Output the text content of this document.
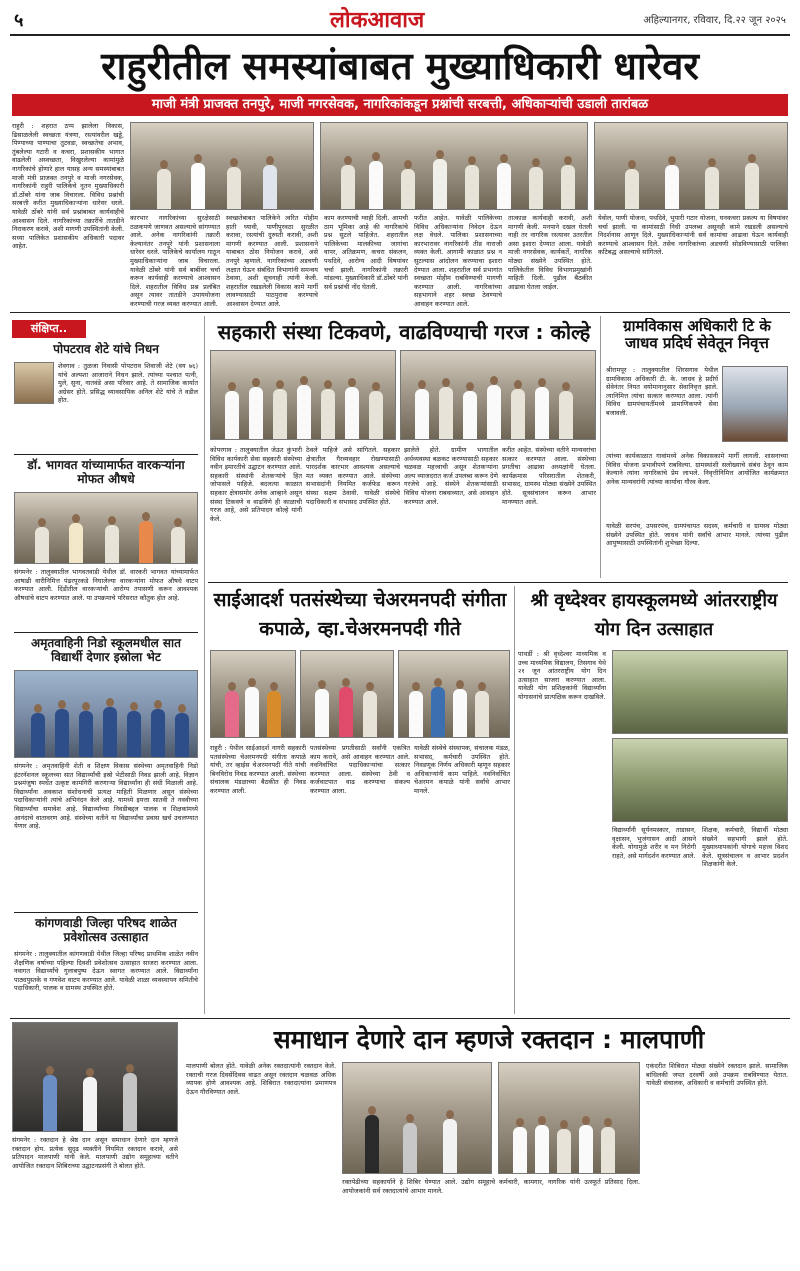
५	लोकआवाज	अहिल्यानगर, रविवार, दि.२२ जून २०२५
राहुरीतील समस्यांबाबत मुख्याधिकारी धारेवर
माजी मंत्री प्राजक्त तनपुरे, माजी नगरसेवक, नागरिकांकडून प्रश्नांची सरबत्ती, अधिकाऱ्यांची उडाली तारांबळ
राहुरी : शहरात ठप्प झालेला विकास, ढिसाळलेली स्वच्छता यंत्रणा, रस्त्यांवरील खड्डे, पिण्याच्या पाण्याचा तुटवडा, स्वच्छतेचा अभाव, तुंबलेल्या गटारी व कचरा, प्रशासकीय भागात वाढलेली अस्वच्छता, विखुरलेल्या कामांमुळे नागरिकांचे होणारे हाल यासह अन्य समस्यांबाबत माजी मंत्री प्राजक्त तनपुरे व माजी नगरसेवक, नागरिकांनी राहुरी पालिकेचे नूतन मुख्याधिकारी डॉ.ठोंबरे यांना जाब विचारला. विविध प्रश्नांची सरबत्ती करीत मुख्याधिकाऱ्यांना धारेवर धरले. यावेळी ठोंबरे यांनी सर्व प्रश्नांबाबत कार्यवाहीचे आश्वासन दिले. नागरिकांच्या तक्रारींचे तातडीने निराकरण करावे, अशी मागणी उपस्थितांनी केली. सध्या पालिकेत प्रशासकीय अधिकारी पदावर आहेत.
कारभार नागरिकांच्या सुरक्षेसाठी ठळकपणे जाणवत असल्याचे सांगण्यात आले. अनेक नागरिकांनी तक्रारी केल्यानंतर तनपुरे यांनी प्रशासनाला धारेवर धरले. पालिकेचे कार्यालय गाठून मुख्याधिकाऱ्यांना जाब विचारला. यावेळी ठोंबरे यांनी सर्व बाबींवर चर्चा करून कार्यवाही करण्याचे आश्वासन दिले. शहरातील विविध प्रश्न प्रलंबित असून त्यावर तातडीने उपाययोजना करण्याची गरज व्यक्त करण्यात आली.
स्वच्छतेबाबत पालिकेने त्वरित मोहीम हाती घ्यावी, पाणीपुरवठा सुरळीत करावा, रस्त्यांची दुरुस्ती करावी, अशी मागणी करण्यात आली. प्रशासनाने याबाबत ठोस नियोजन करावे, असे तनपुरे म्हणाले. नागरिकांच्या अडचणी लक्षात घेऊन संबंधित विभागांनी समन्वय ठेवावा, अशी सूचनाही त्यांनी केली. शहरातील रखडलेली विकास कामे मार्गी लावण्यासाठी पाठपुरावा करण्याचे आश्वासन देण्यात आले.
काम करण्याची ग्वाही दिली. आमची ठाम भूमिका आहे की नागरिकांचे प्रश्न सुटले पाहिजेत. शहरातील पालिकेच्या मालकीच्या जागांचा वापर, अतिक्रमण, कचरा संकलन, पथदिवे, आरोग्य आदी विषयांवर चर्चा झाली. नागरिकांनी तक्रारी मांडल्या. मुख्याधिकारी डॉ.ठोंबरे यांनी सर्व प्रश्नांची नोंद घेतली.
फरीत आहेत. यावेळी पालिकेच्या विविध अधिकाऱ्यांना निवेदन देऊन लक्ष वेधले. पालिका प्रशासनाच्या कारभारावर नागरिकांनी तीव्र नाराजी व्यक्त केली. आगामी काळात प्रश्न न सुटल्यास आंदोलन करण्याचा इशारा देण्यात आला. शहरातील सर्व प्रभागांत स्वच्छता मोहीम राबविण्याची मागणी करण्यात आली. नागरिकांच्या सहभागाने शहर स्वच्छ ठेवण्याचे आवाहन करण्यात आले.
तात्काळ कार्यवाही करावी, अशी मागणी केली. मनपाने दखल घेतली नाही तर नागरिक रस्त्यावर उतरतील असा इशारा देण्यात आला. यावेळी माजी नगरसेवक, कार्यकर्ते, नागरिक मोठ्या संख्येने उपस्थित होते. पालिकेतील विविध विभागप्रमुखांनी माहिती दिली. पुढील बैठकीत आढावा घेतला जाईल.
येवोल, पाणी योजना, पथदिवे, भुयारी गटार योजना, घनकचरा प्रकल्प या विषयांवर चर्चा झाली. या कामांसाठी निधी उपलब्ध असूनही कामे रखडली असल्याचे निदर्शनास आणून दिले. मुख्याधिकाऱ्यांनी सर्व कामांचा आढावा घेऊन कार्यवाही करण्याचे आश्वासन दिले. तसेच नागरिकांच्या अडचणी सोडविण्यासाठी पालिका कटिबद्ध असल्याचे सांगितले.
संक्षिप्त..
पोपटराव शेटे यांचे निधन
शेवगाव : तुळजा निवासी पोपटराव शिवाजी शेटे (वय ७६) यांचे अल्पशा आजाराने निधन झाले. त्यांच्या पश्चात पत्नी, मुले, सुना, नातवंडे असा परिवार आहे. ते सामाजिक कार्यात अग्रेसर होते. प्रसिद्ध व्यावसायिक अनिल शेटे यांचे ते वडील होत.
डॉ. भागवत यांच्यामार्फत वारकऱ्यांना मोफत औषधे
संगमनेर : तालुक्यातील भागवतवाडी येथील डॉ. वारकरी भागवत यांच्यामार्फत आषाढी वारीनिमित्त पंढरपूरकडे निघालेल्या वारकऱ्यांना मोफत औषधे वाटप करण्यात आली. दिंडीतील वारकऱ्यांची आरोग्य तपासणी करून आवश्यक औषधांचे वाटप करण्यात आले. या उपक्रमाचे परिसरात कौतुक होत आहे.
अमृतवाहिनी निडो स्कूलमधील सात विद्यार्थी देणार इस्रोला भेट
संगमनेर : अमृतवाहिनी शेती व शिक्षण विकास संस्थेच्या अमृतवाहिनी निडो इंटरनॅशनल स्कूलच्या सात विद्यार्थ्यांची इस्रो भेटीसाठी निवड झाली आहे. विज्ञान प्रश्नमंजुषा स्पर्धेत उत्कृष्ट कामगिरी करणाऱ्या विद्यार्थ्यांना ही संधी मिळाली आहे. विद्यार्थ्यांना अवकाश संशोधनाची प्रत्यक्ष माहिती मिळणार असून संस्थेच्या पदाधिकाऱ्यांनी त्यांचे अभिनंदन केले आहे. यामध्ये इयत्ता सातवी ते नववीच्या विद्यार्थ्यांचा समावेश आहे. विद्यार्थ्यांच्या निवडीबद्दल पालक व शिक्षकांमध्ये आनंदाचे वातावरण आहे. संस्थेच्या वतीने या विद्यार्थ्यांचा प्रवास खर्च उचलण्यात येणार आहे.
कांगणवाडी जिल्हा परिषद शाळेत प्रवेशोत्सव उत्साहात
संगमनेर : तालुक्यातील कांगणवाडी येथील जिल्हा परिषद प्राथमिक शाळेत नवीन शैक्षणिक वर्षाच्या पहिल्या दिवशी प्रवेशोत्सव उत्साहात साजरा करण्यात आला. नवागत विद्यार्थ्यांचे गुलाबपुष्प देऊन स्वागत करण्यात आले. विद्यार्थ्यांना पाठ्यपुस्तके व गणवेश वाटप करण्यात आले. यावेळी शाळा व्यवस्थापन समितीचे पदाधिकारी, पालक व ग्रामस्थ उपस्थित होते.
सहकारी संस्था टिकवणे, वाढविण्याची गरज : कोल्हे
कोपरगाव : तालुक्यातील जेऊर कुंभारी विविध कार्यकारी सेवा सहकारी संस्थेच्या नवीन इमारतीचे उद्घाटन करण्यात आले. सहकारी संस्थांनी शेतकऱ्यांचे हित जोपासले पाहिजे. बदलत्या काळात सहकार क्षेत्रासमोर अनेक आव्हाने असून संस्था टिकवणे व वाढविणे ही काळाची गरज आहे, असे प्रतिपादन कोल्हे यांनी केले.
ठेवले पाहिजे असे सांगितले. सहकार क्षेत्रातील गैरव्यवहार रोखण्यासाठी पारदर्शक कारभार आवश्यक असल्याचे मत व्यक्त करण्यात आले. संस्थेच्या सभासदांनी नियमित कर्जफेड करून संस्था सक्षम ठेवावी. यावेळी संस्थेचे पदाधिकारी व सभासद उपस्थित होते.
झालेले होते. ग्रामीण भागातील अर्थव्यवस्था बळकट करण्यासाठी सहकार चळवळ महत्त्वाची असून शेतकऱ्यांना अल्प व्याजदरात कर्ज उपलब्ध करून देणे गरजेचे आहे. संस्थेने शेतकऱ्यांसाठी विविध योजना राबवाव्यात, असे आवाहन करण्यात आले.
करीत आहेत. संस्थेच्या वतीने मान्यवरांचा सत्कार करण्यात आला. संस्थेच्या प्रगतीचा आढावा अध्यक्षांनी घेतला. कार्यक्रमास परिसरातील शेतकरी, सभासद, ग्रामस्थ मोठ्या संख्येने उपस्थित होते. सूत्रसंचालन करून आभार मानण्यात आले.
ग्रामविकास अधिकारी टि के जाधव प्रदिर्घ सेवेतून निवृत्त
श्रीरामपूर : तालुक्यातील शिरसगाव येथील ग्रामविकास अधिकारी टी. के. जाधव हे प्रदीर्घ सेवेनंतर नियत वयोमानानुसार सेवानिवृत्त झाले. त्यानिमित्त त्यांचा सत्कार करण्यात आला. त्यांनी विविध ग्रामपंचायतींमध्ये प्रामाणिकपणे सेवा बजावली.
त्यांच्या कार्यकाळात गावांमध्ये अनेक विकासकामे मार्गी लागली. शासनाच्या विविध योजना प्रभावीपणे राबविल्या. ग्रामस्थांशी सलोख्याचे संबंध ठेवून काम केल्याने त्यांना नागरिकांचे प्रेम लाभले. निवृत्तीनिमित्त आयोजित कार्यक्रमात अनेक मान्यवरांनी त्यांच्या कार्याचा गौरव केला.
यावेळी सरपंच, उपसरपंच, ग्रामपंचायत सदस्य, कर्मचारी व ग्रामस्थ मोठ्या संख्येने उपस्थित होते. जाधव यांनी सर्वांचे आभार मानले. त्यांच्या पुढील आयुष्यासाठी उपस्थितांनी शुभेच्छा दिल्या.
साईआदर्श पतसंस्थेच्या चेअरमनपदी संगीता कपाळे, व्हा.चेअरमनपदी गीते
राहुरी : येथील साईआदर्श नागरी सहकारी पतसंस्थेच्या चेअरमनपदी संगीता कपाळे यांची, तर व्हाईस चेअरमनपदी गीते यांची बिनविरोध निवड करण्यात आली. संस्थेच्या संचालक मंडळाच्या बैठकीत ही निवड करण्यात आली.
पतसंस्थेच्या प्रगतीसाठी सर्वांनी एकत्रित काम करावे, असे आवाहन करण्यात आले. नवनिर्वाचित पदाधिकाऱ्यांचा सत्कार करण्यात आला. संस्थेच्या ठेवी व कर्जवाटपात वाढ करण्याचा संकल्प करण्यात आला.
यावेळी संस्थेचे संस्थापक, संचालक मंडळ, सभासद, कर्मचारी उपस्थित होते. निवडणूक निर्णय अधिकारी म्हणून सहकार अधिकाऱ्यांनी काम पाहिले. नवनिर्वाचित चेअरमन कपाळे यांनी सर्वांचे आभार मानले.
श्री वृध्देश्वर हायस्कूलमध्ये आंतरराष्ट्रीय योग दिन उत्साहात
पाथर्डी : श्री वृध्देश्वर माध्यमिक व उच्च माध्यमिक विद्यालय, तिसगाव येथे २१ जून आंतरराष्ट्रीय योग दिन उत्साहात साजरा करण्यात आला. यावेळी योग प्रशिक्षकांनी विद्यार्थ्यांना योगासनांचे प्रात्यक्षिक करून दाखविले.
विद्यार्थ्यांनी सूर्यनमस्कार, ताडासन, वृक्षासन, भुजंगासन आदी आसने केली. योगामुळे शरीर व मन निरोगी राहते, असे मार्गदर्शन करण्यात आले.
शिक्षक, कर्मचारी, विद्यार्थी मोठ्या संख्येने सहभागी झाले होते. मुख्याध्यापकांनी योगाचे महत्त्व विशद केले. सूत्रसंचालन व आभार प्रदर्शन शिक्षकांनी केले.
समाधान देणारे दान म्हणजे रक्तदान : मालपाणी
संगमनेर : रक्तदान हे श्रेष्ठ दान असून समाधान देणारे दान म्हणजे रक्तदान होय. प्रत्येक सुदृढ व्यक्तीने नियमित रक्तदान करावे, असे प्रतिपादन मालपाणी यांनी केले. मालपाणी उद्योग समूहाच्या वतीने आयोजित रक्तदान शिबिराच्या उद्घाटनप्रसंगी ते बोलत होते.
मालपाणी बोलत होते. यावेळी अनेक रक्तदात्यांनी रक्तदान केले. रक्ताची गरज दिवसेंदिवस वाढत असून रक्तदान चळवळ अधिक व्यापक होणे आवश्यक आहे. शिबिरात रक्तदात्यांना प्रमाणपत्र देऊन गौरविण्यात आले.
रक्तपेढीच्या सहकार्याने हे शिबिर घेण्यात आले. उद्योग समूहाचे कर्मचारी, कामगार, नागरिक यांनी उत्स्फूर्त प्रतिसाद दिला. आयोजकांनी सर्व रक्तदात्यांचे आभार मानले.
एकंदरीत शिबिरात मोठ्या संख्येने रक्तदान झाले. सामाजिक बांधिलकी जपत दरवर्षी असे उपक्रम राबविण्यात येतात. यावेळी संचालक, अधिकारी व कर्मचारी उपस्थित होते.
